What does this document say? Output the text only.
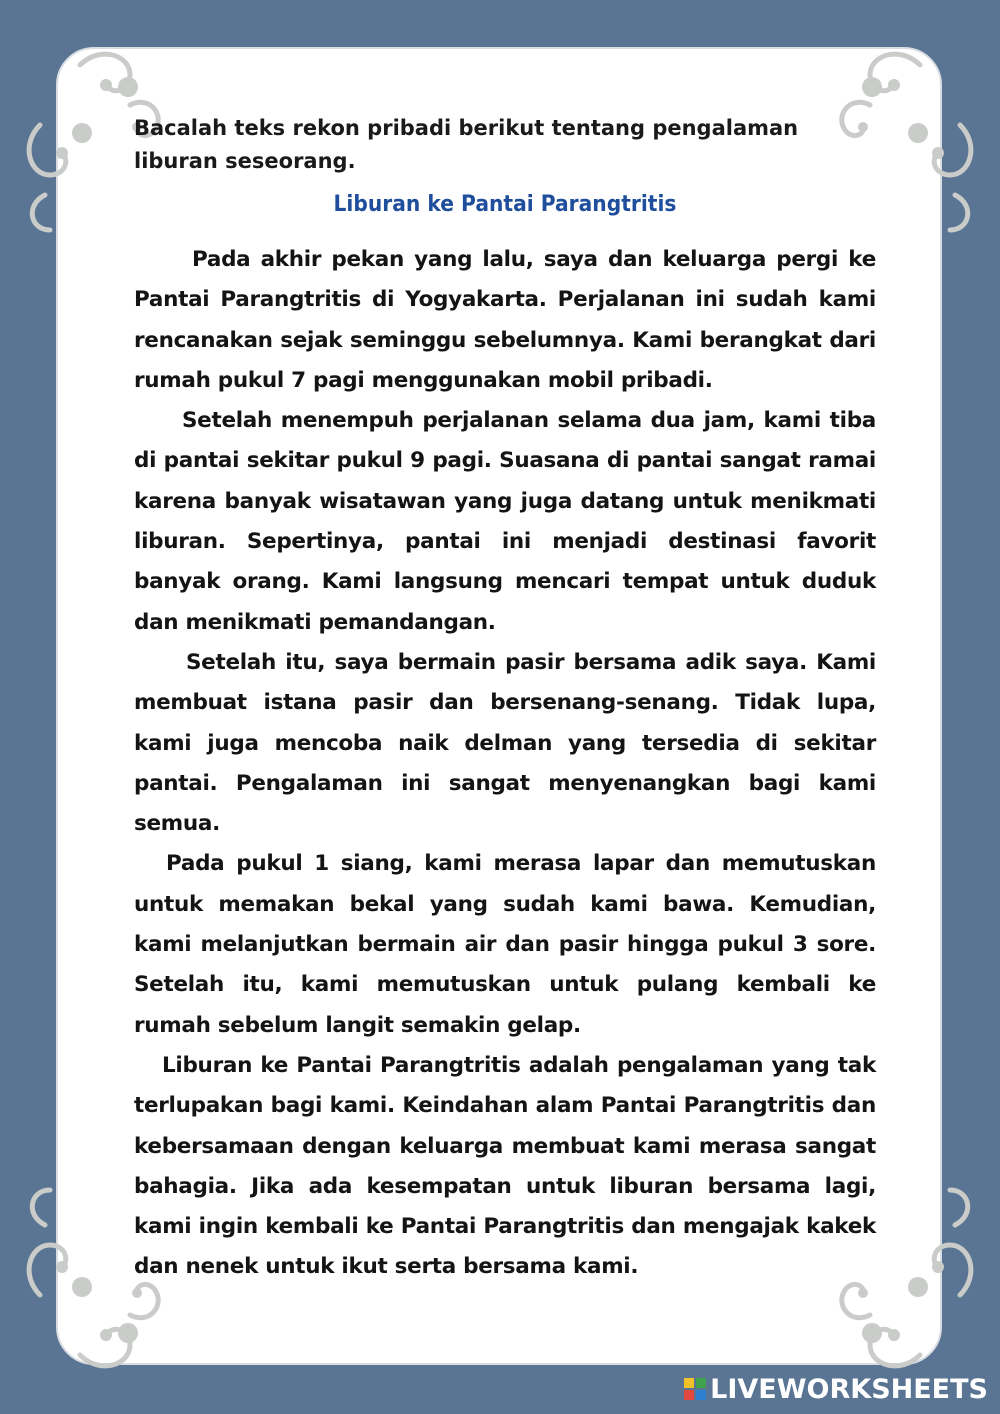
Bacalah teks rekon pribadi berikut tentang pengalaman liburan seseorang.

Liburan ke Pantai Parangtritis

Pada akhir pekan yang lalu, saya dan keluarga pergi ke Pantai Parangtritis di Yogyakarta. Perjalanan ini sudah kami rencanakan sejak seminggu sebelumnya. Kami berangkat dari rumah pukul 7 pagi menggunakan mobil pribadi.

Setelah menempuh perjalanan selama dua jam, kami tiba di pantai sekitar pukul 9 pagi. Suasana di pantai sangat ramai karena banyak wisatawan yang juga datang untuk menikmati liburan. Sepertinya, pantai ini menjadi destinasi favorit banyak orang. Kami langsung mencari tempat untuk duduk dan menikmati pemandangan.

Setelah itu, saya bermain pasir bersama adik saya. Kami membuat istana pasir dan bersenang-senang. Tidak lupa, kami juga mencoba naik delman yang tersedia di sekitar pantai. Pengalaman ini sangat menyenangkan bagi kami semua.

Pada pukul 1 siang, kami merasa lapar dan memutuskan untuk memakan bekal yang sudah kami bawa. Kemudian, kami melanjutkan bermain air dan pasir hingga pukul 3 sore. Setelah itu, kami memutuskan untuk pulang kembali ke rumah sebelum langit semakin gelap.

Liburan ke Pantai Parangtritis adalah pengalaman yang tak terlupakan bagi kami. Keindahan alam Pantai Parangtritis dan kebersamaan dengan keluarga membuat kami merasa sangat bahagia. Jika ada kesempatan untuk liburan bersama lagi, kami ingin kembali ke Pantai Parangtritis dan mengajak kakek dan nenek untuk ikut serta bersama kami.

LIVEWORKSHEETS
